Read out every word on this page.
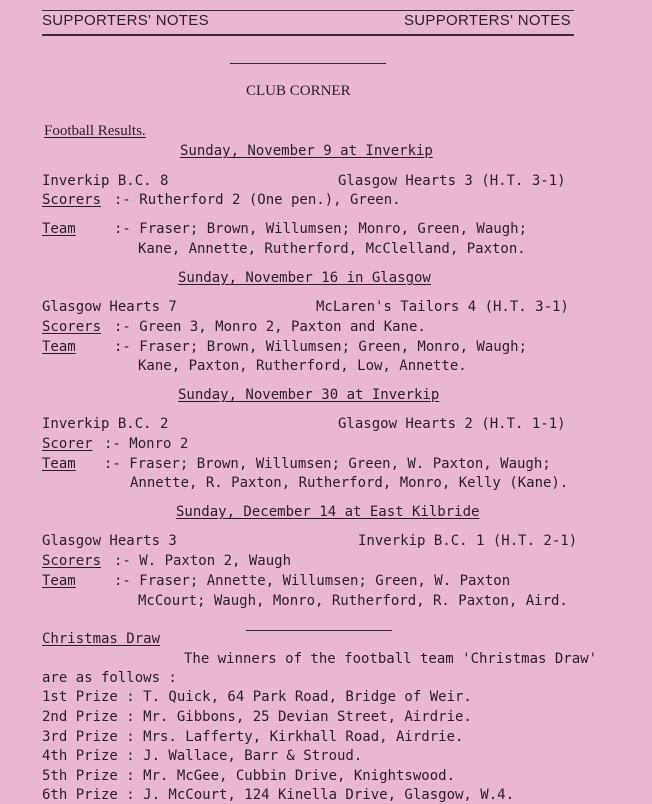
SUPPORTERS' NOTES	SUPPORTERS' NOTES
CLUB CORNER
Football Results.
Sunday, November 9 at Inverkip
Inverkip B.C. 8	Glasgow Hearts 3 (H.T. 3-1)
Scorers :- Rutherford 2 (One pen.), Green.
Team	:- Fraser; Brown, Willumsen; Monro, Green, Waugh;
Kane, Annette, Rutherford, McClelland, Paxton.
Sunday, November 16 in Glasgow
Glasgow Hearts 7	McLaren's Tailors 4 (H.T. 3-1)
Scorers :- Green 3, Monro 2, Paxton and Kane.
Team	:- Fraser; Brown, Willumsen; Green, Monro, Waugh;
Kane, Paxton, Rutherford, Low, Annette.
Sunday, November 30 at Inverkip
Inverkip B.C. 2	Glasgow Hearts 2 (H.T. 1-1)
Scorer :- Monro 2
Team :- Fraser; Brown, Willumsen; Green, W. Paxton, Waugh;
Annette, R. Paxton, Rutherford, Monro, Kelly (Kane).
Sunday, December 14 at East Kilbride
Glasgow Hearts 3	Inverkip B.C. 1 (H.T. 2-1)
Scorers :- W. Paxton 2, Waugh
Team	:- Fraser; Annette, Willumsen; Green, W. Paxton
McCourt; Waugh, Monro, Rutherford, R. Paxton, Aird.
Christmas Draw
The winners of the football team 'Christmas Draw'
are as follows :
1st Prize : T. Quick, 64 Park Road, Bridge of Weir.
2nd Prize : Mr. Gibbons, 25 Devian Street, Airdrie.
3rd Prize : Mrs. Lafferty, Kirkhall Road, Airdrie.
4th Prize : J. Wallace, Barr & Stroud.
5th Prize : Mr. McGee, Cubbin Drive, Knightswood.
6th Prize : J. McCourt, 124 Kinella Drive, Glasgow, W.4.
